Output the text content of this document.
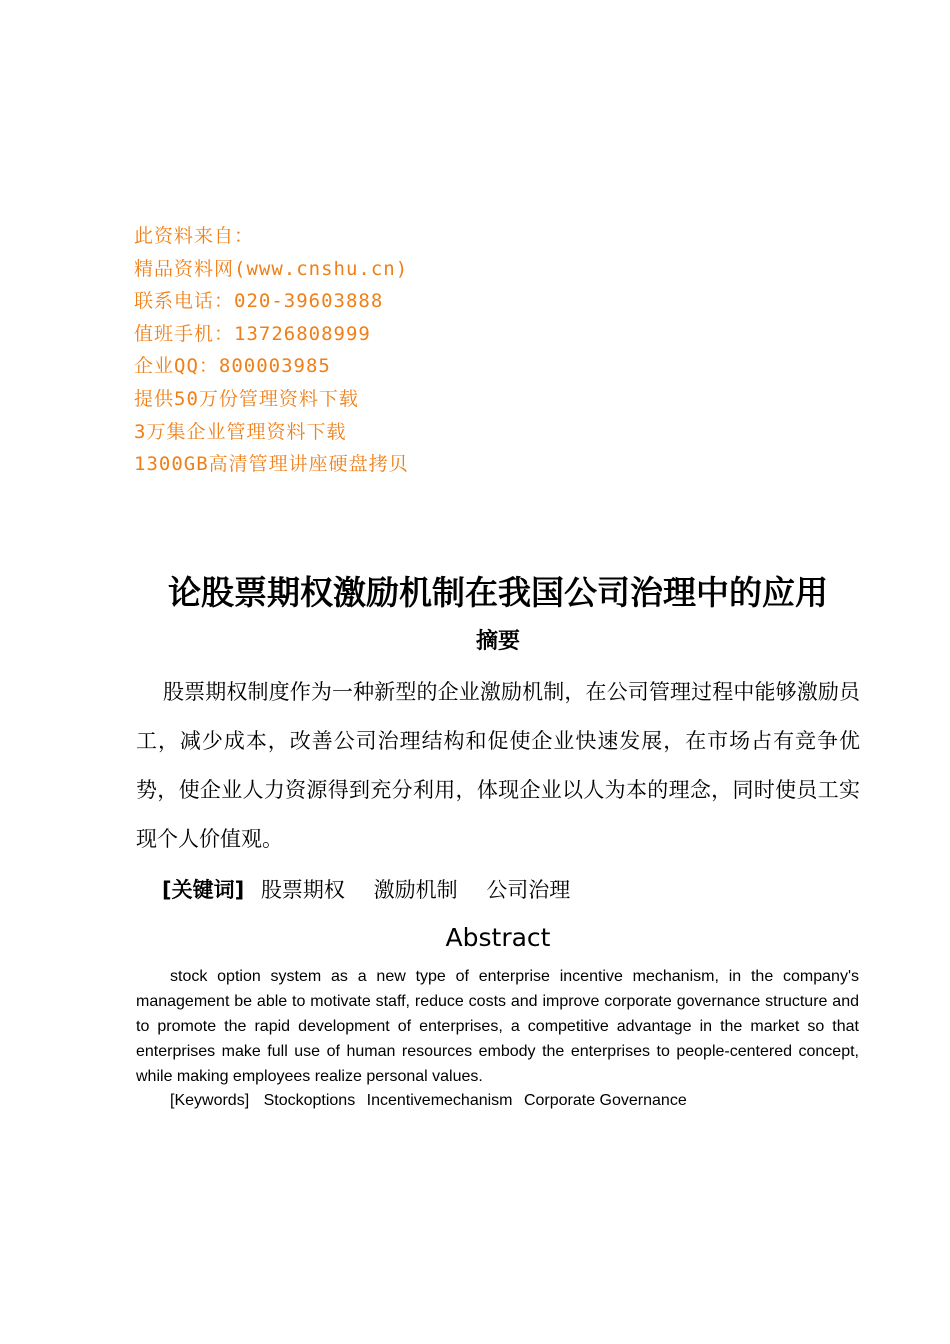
此资料来自：
精品资料网(www.cnshu.cn)
联系电话：020-39603888
值班手机：13726808999
企业QQ：800003985
提供50万份管理资料下载
3万集企业管理资料下载
1300GB高清管理讲座硬盘拷贝
论股票期权激励机制在我国公司治理中的应用
摘要
股票期权制度作为一种新型的企业激励机制，在公司管理过程中能够激励员工，减少成本，改善公司治理结构和促使企业快速发展，在市场占有竞争优势，使企业人力资源得到充分利用，体现企业以人为本的理念，同时使员工实现个人价值观。
[关键词] 股票期权 激励机制 公司治理
Abstract
stock option system as a new type of enterprise incentive mechanism, in the company's management be able to motivate staff, reduce costs and improve corporate governance structure and to promote the rapid development of enterprises, a competitive advantage in the market so that enterprises make full use of human resources embody the enterprises to people-centered concept, while making employees realize personal values.
[Keywords] Stockoptions Incentivemechanism Corporate Governance
